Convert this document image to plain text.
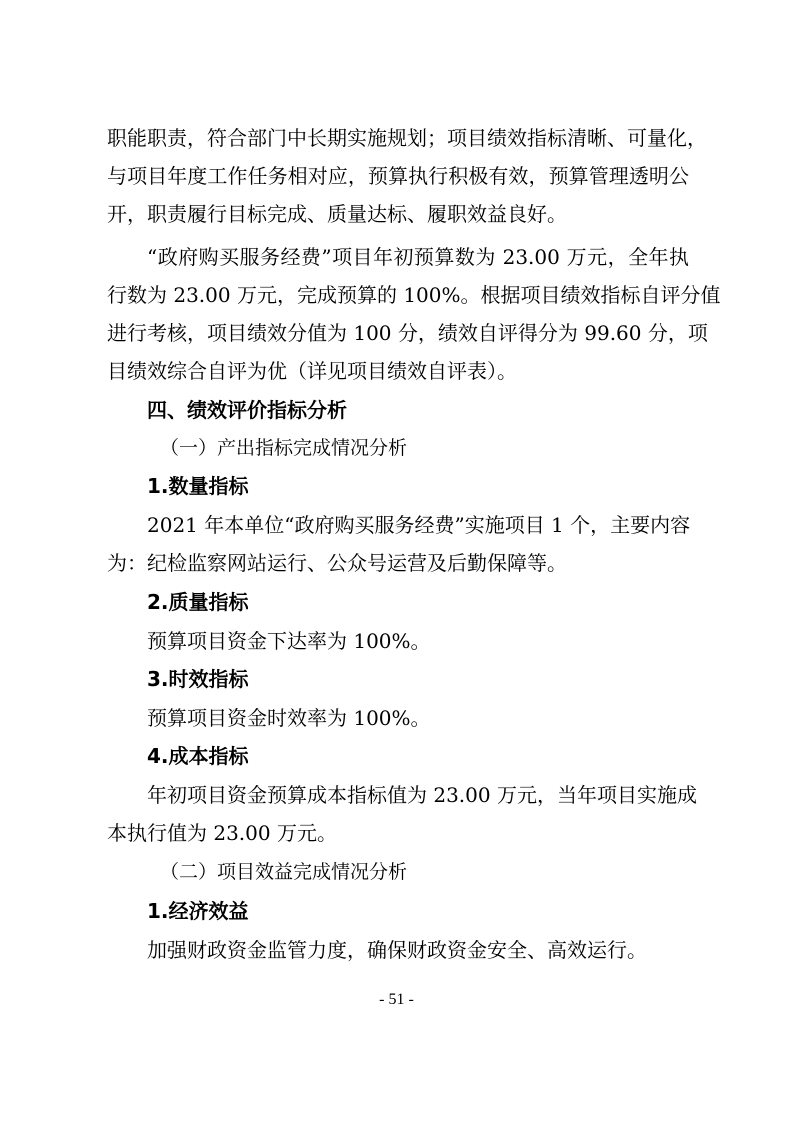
职能职责，符合部门中长期实施规划；项目绩效指标清晰、可量化，
与项目年度工作任务相对应，预算执行积极有效，预算管理透明公
开，职责履行目标完成、质量达标、履职效益良好。
“政府购买服务经费”项目年初预算数为 23.00 万元，全年执
行数为 23.00 万元，完成预算的 100%。根据项目绩效指标自评分值
进行考核，项目绩效分值为 100 分，绩效自评得分为 99.60 分，项
目绩效综合自评为优（详见项目绩效自评表）。
四、绩效评价指标分析
（一）产出指标完成情况分析
1.数量指标
2021 年本单位“政府购买服务经费”实施项目 1 个，主要内容
为：纪检监察网站运行、公众号运营及后勤保障等。
2.质量指标
预算项目资金下达率为 100%。
3.时效指标
预算项目资金时效率为 100%。
4.成本指标
年初项目资金预算成本指标值为 23.00 万元，当年项目实施成
本执行值为 23.00 万元。
（二）项目效益完成情况分析
1.经济效益
加强财政资金监管力度，确保财政资金安全、高效运行。
- 51 -
